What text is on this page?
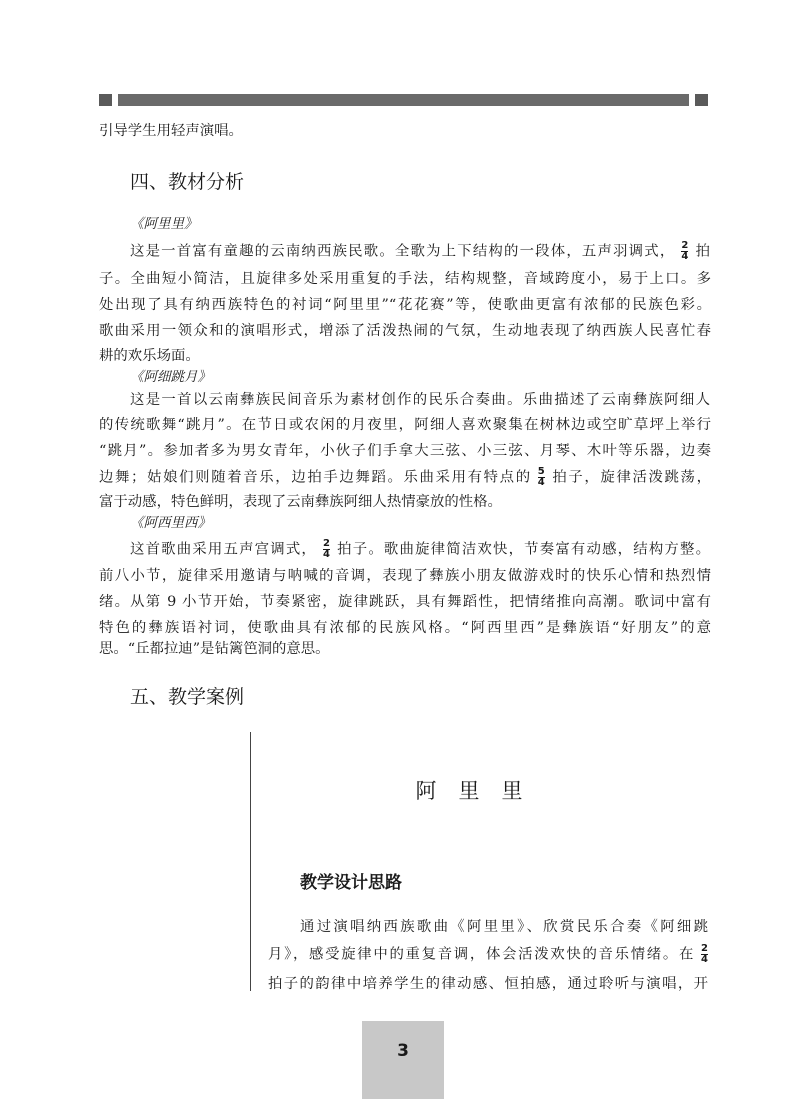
引导学生用轻声演唱。
四、教材分析
《阿里里》
这是一首富有童趣的云南纳西族民歌。全歌为上下结构的一段体，五声羽调式， $\frac{2}{4}$ 拍
子。全曲短小简洁，且旋律多处采用重复的手法，结构规整，音域跨度小，易于上口。多
处出现了具有纳西族特色的衬词“阿里里”“花花赛”等，使歌曲更富有浓郁的民族色彩。
歌曲采用一领众和的演唱形式，增添了活泼热闹的气氛，生动地表现了纳西族人民喜忙春
耕的欢乐场面。
《阿细跳月》
这是一首以云南彝族民间音乐为素材创作的民乐合奏曲。乐曲描述了云南彝族阿细人
的传统歌舞“跳月”。在节日或农闲的月夜里，阿细人喜欢聚集在树林边或空旷草坪上举行
“跳月”。参加者多为男女青年，小伙子们手拿大三弦、小三弦、月琴、木叶等乐器，边奏
边舞；姑娘们则随着音乐，边拍手边舞蹈。乐曲采用有特点的 $\frac{5}{4}$ 拍子，旋律活泼跳荡，
富于动感，特色鲜明，表现了云南彝族阿细人热情豪放的性格。
《阿西里西》
这首歌曲采用五声宫调式， $\frac{2}{4}$ 拍子。歌曲旋律简洁欢快，节奏富有动感，结构方整。
前八小节，旋律采用邀请与呐喊的音调，表现了彝族小朋友做游戏时的快乐心情和热烈情
绪。从第 9 小节开始，节奏紧密，旋律跳跃，具有舞蹈性，把情绪推向高潮。歌词中富有
特色的彝族语衬词，使歌曲具有浓郁的民族风格。“阿西里西”是彝族语“好朋友”的意
思。“丘都拉迪”是钻篱笆洞的意思。
五、教学案例
阿里里
教学设计思路
通过演唱纳西族歌曲《阿里里》、欣赏民乐合奏《阿细跳
月》，感受旋律中的重复音调，体会活泼欢快的音乐情绪。在 $\frac{2}{4}$
拍子的韵律中培养学生的律动感、恒拍感，通过聆听与演唱，开
3
